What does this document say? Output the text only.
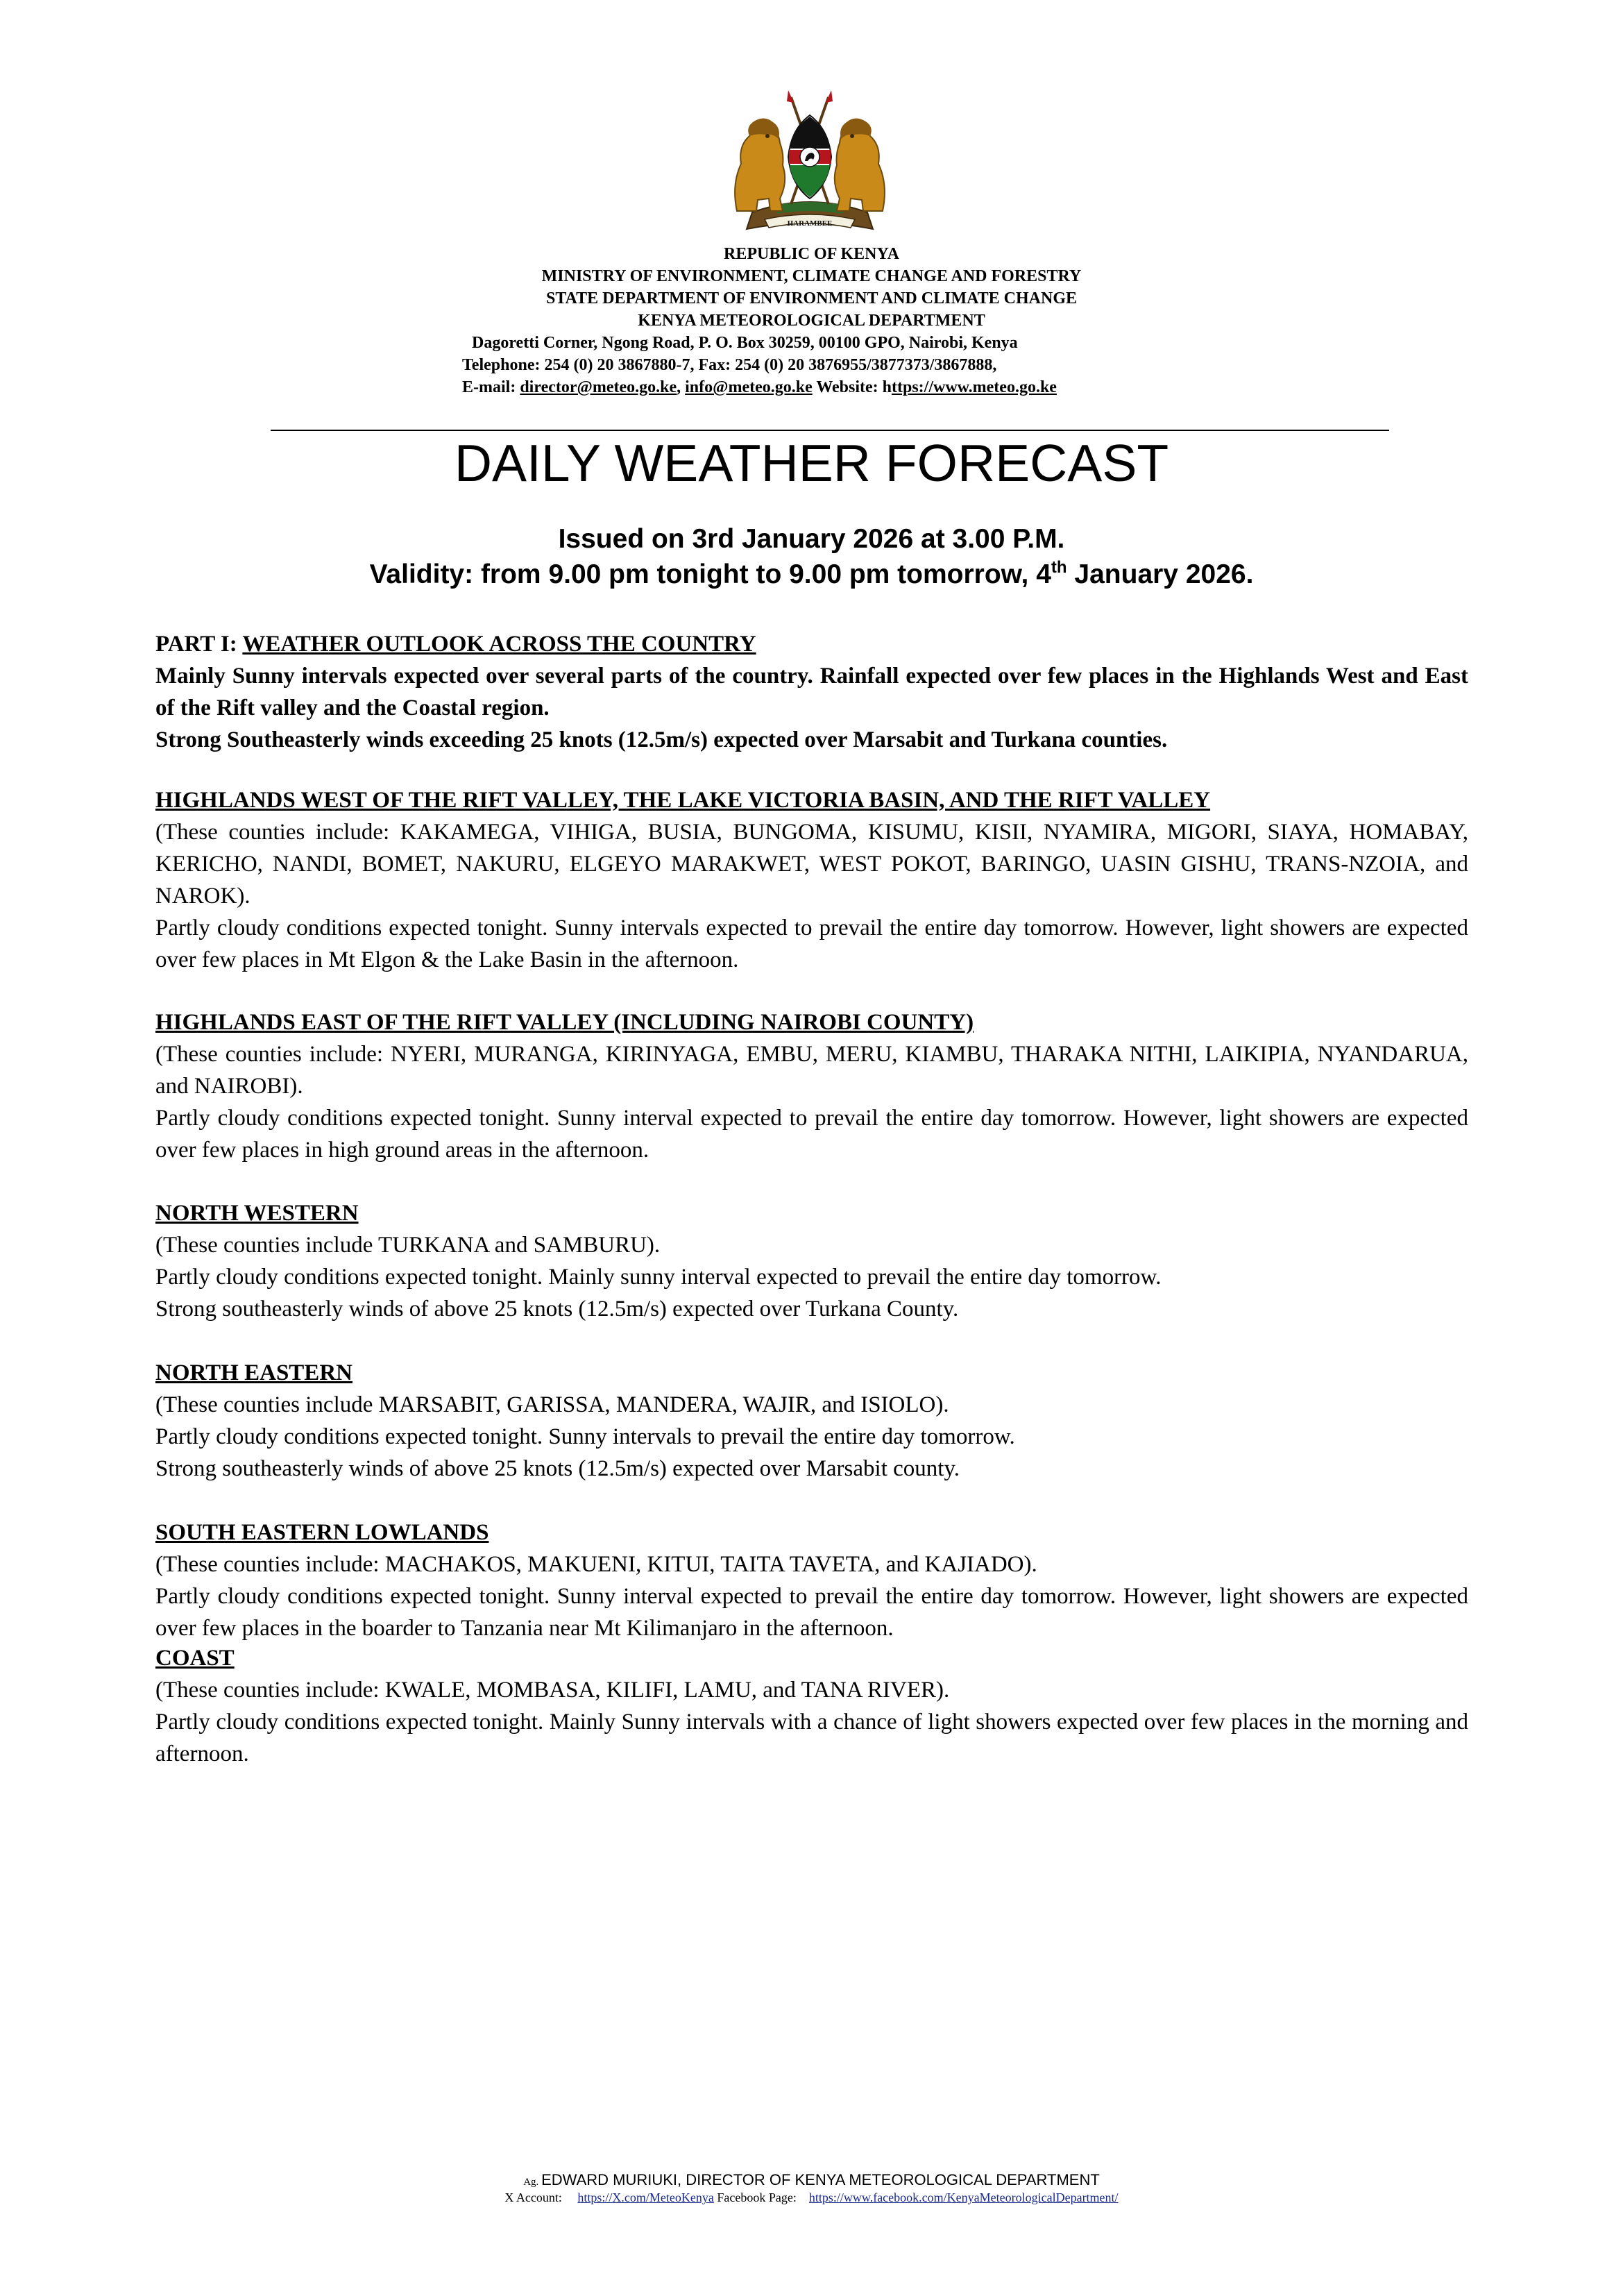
HARAMBEE
REPUBLIC OF KENYA
MINISTRY OF ENVIRONMENT, CLIMATE CHANGE AND FORESTRY
STATE DEPARTMENT OF ENVIRONMENT AND CLIMATE CHANGE
KENYA METEOROLOGICAL DEPARTMENT
Dagoretti Corner, Ngong Road, P. O. Box 30259, 00100 GPO, Nairobi, Kenya
Telephone: 254 (0) 20 3867880-7, Fax: 254 (0) 20 3876955/3877373/3867888,
E-mail: director@meteo.go.ke, info@meteo.go.ke Website: https://www.meteo.go.ke
DAILY WEATHER FORECAST
Issued on 3rd January 2026 at 3.00 P.M.
Validity: from 9.00 pm tonight to 9.00 pm tomorrow, 4th January 2026.
PART I: WEATHER OUTLOOK ACROSS THE COUNTRY

Mainly Sunny intervals expected over several parts of the country. Rainfall expected over few places in the Highlands West and East of the Rift valley and the Coastal region.

Strong Southeasterly winds exceeding 25 knots (12.5m/s) expected over Marsabit and Turkana counties.

HIGHLANDS WEST OF THE RIFT VALLEY, THE LAKE VICTORIA BASIN, AND THE RIFT VALLEY

(These counties include: KAKAMEGA, VIHIGA, BUSIA, BUNGOMA, KISUMU, KISII, NYAMIRA, MIGORI, SIAYA, HOMABAY, KERICHO, NANDI, BOMET, NAKURU, ELGEYO MARAKWET, WEST POKOT, BARINGO, UASIN GISHU, TRANS-NZOIA, and NAROK).

Partly cloudy conditions expected tonight. Sunny intervals expected to prevail the entire day tomorrow. However, light showers are expected over few places in Mt Elgon & the Lake Basin in the afternoon.

HIGHLANDS EAST OF THE RIFT VALLEY (INCLUDING NAIROBI COUNTY)

(These counties include: NYERI, MURANGA, KIRINYAGA, EMBU, MERU, KIAMBU, THARAKA NITHI, LAIKIPIA, NYANDARUA, and NAIROBI).

Partly cloudy conditions expected tonight. Sunny interval expected to prevail the entire day tomorrow. However, light showers are expected over few places in high ground areas in the afternoon.

NORTH WESTERN

(These counties include TURKANA and SAMBURU).

Partly cloudy conditions expected tonight. Mainly sunny interval expected to prevail the entire day tomorrow.

Strong southeasterly winds of above 25 knots (12.5m/s) expected over Turkana County.

NORTH EASTERN

(These counties include MARSABIT, GARISSA, MANDERA, WAJIR, and ISIOLO).

Partly cloudy conditions expected tonight. Sunny intervals to prevail the entire day tomorrow.

Strong southeasterly winds of above 25 knots (12.5m/s) expected over Marsabit county.

SOUTH EASTERN LOWLANDS

(These counties include: MACHAKOS, MAKUENI, KITUI, TAITA TAVETA, and KAJIADO).

Partly cloudy conditions expected tonight. Sunny interval expected to prevail the entire day tomorrow. However, light showers are expected over few places in the boarder to Tanzania near Mt Kilimanjaro in the afternoon.

COAST

(These counties include: KWALE, MOMBASA, KILIFI, LAMU, and TANA RIVER).

Partly cloudy conditions expected tonight. Mainly Sunny intervals with a chance of light showers expected over few places in the morning and afternoon.

Ag. EDWARD MURIUKI, DIRECTOR OF KENYA METEOROLOGICAL DEPARTMENT
X Account: https://X.com/MeteoKenya Facebook Page: https://www.facebook.com/KenyaMeteorologicalDepartment/
